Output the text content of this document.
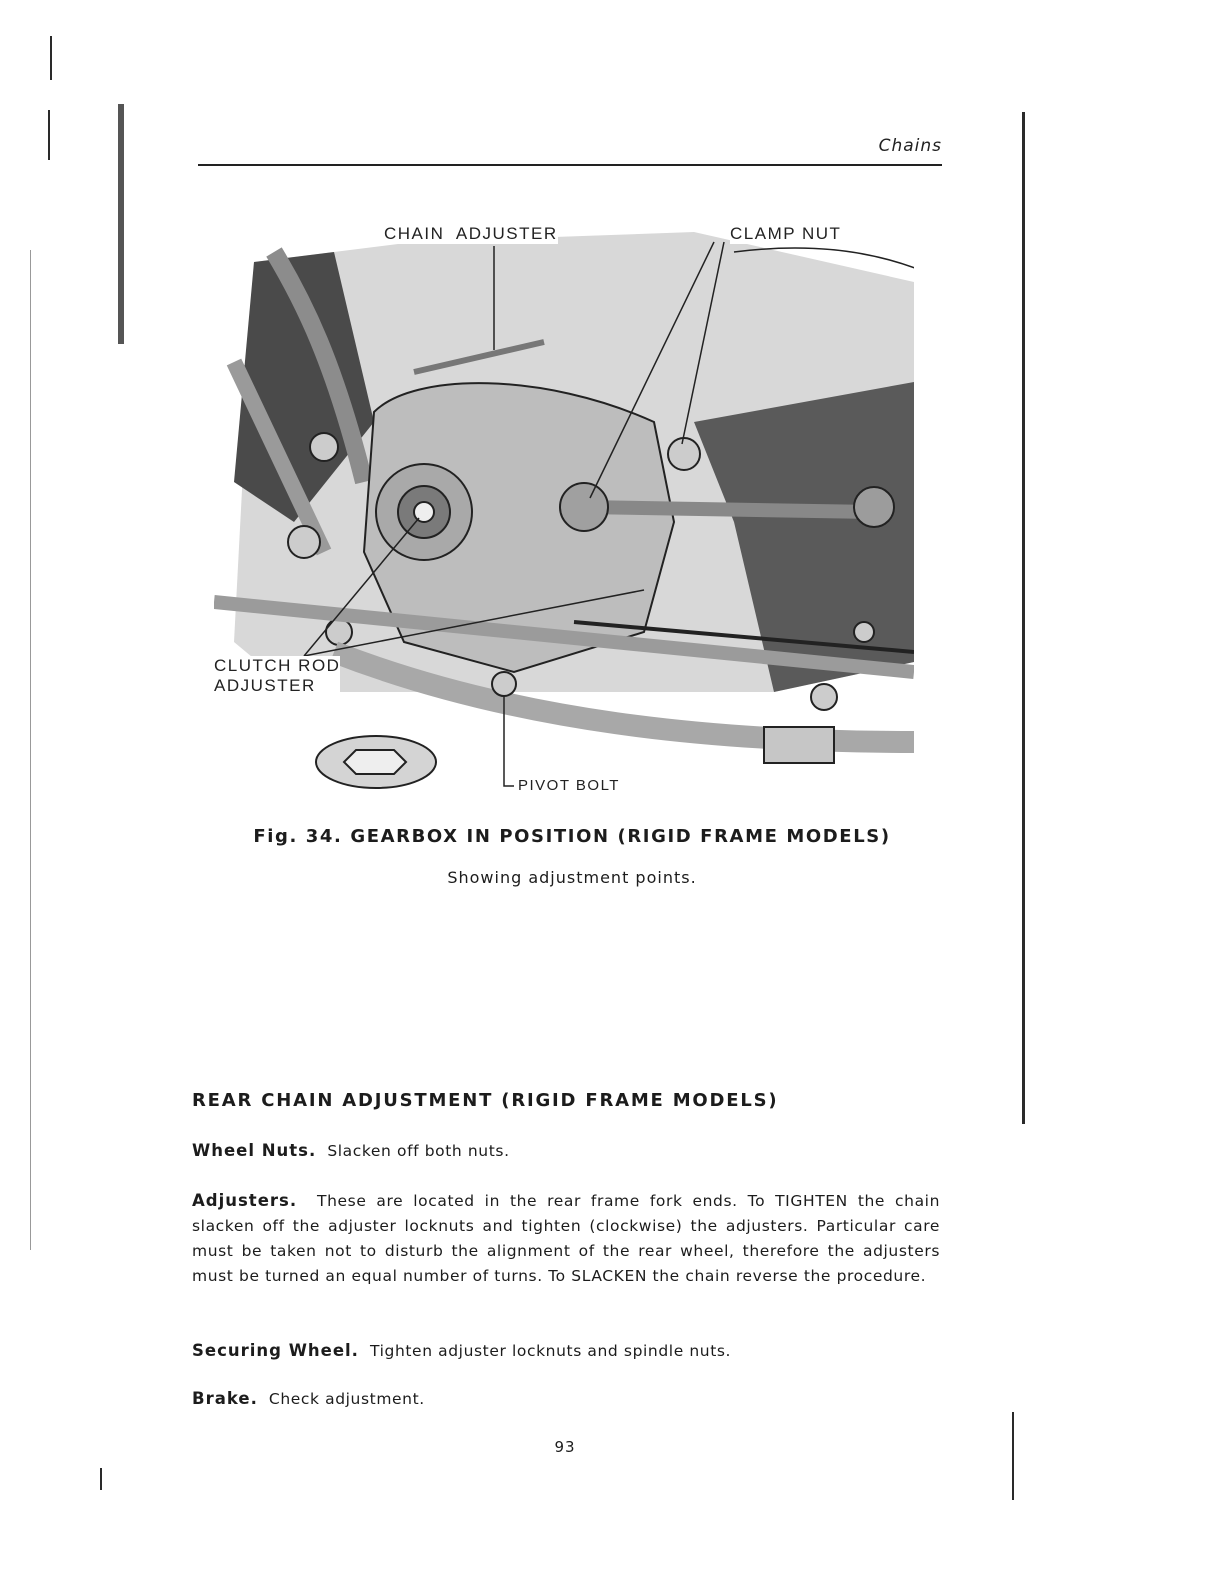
Chains
CHAIN  ADJUSTER	CLAMP NUT
CLUTCH ROD
ADJUSTER
PIVOT BOLT
Fig. 34. GEARBOX IN POSITION (RIGID FRAME MODELS)
Showing adjustment points.
REAR CHAIN ADJUSTMENT (RIGID FRAME MODELS)

Wheel Nuts. Slacken off both nuts.

Adjusters. These are located in the rear frame fork ends. To TIGHTEN the chain slacken off the adjuster locknuts and tighten (clockwise) the adjusters. Particular care must be taken not to disturb the alignment of the rear wheel, therefore the adjusters must be turned an equal number of turns. To SLACKEN the chain reverse the procedure.

Securing Wheel. Tighten adjuster locknuts and spindle nuts.

Brake. Check adjustment.

93
